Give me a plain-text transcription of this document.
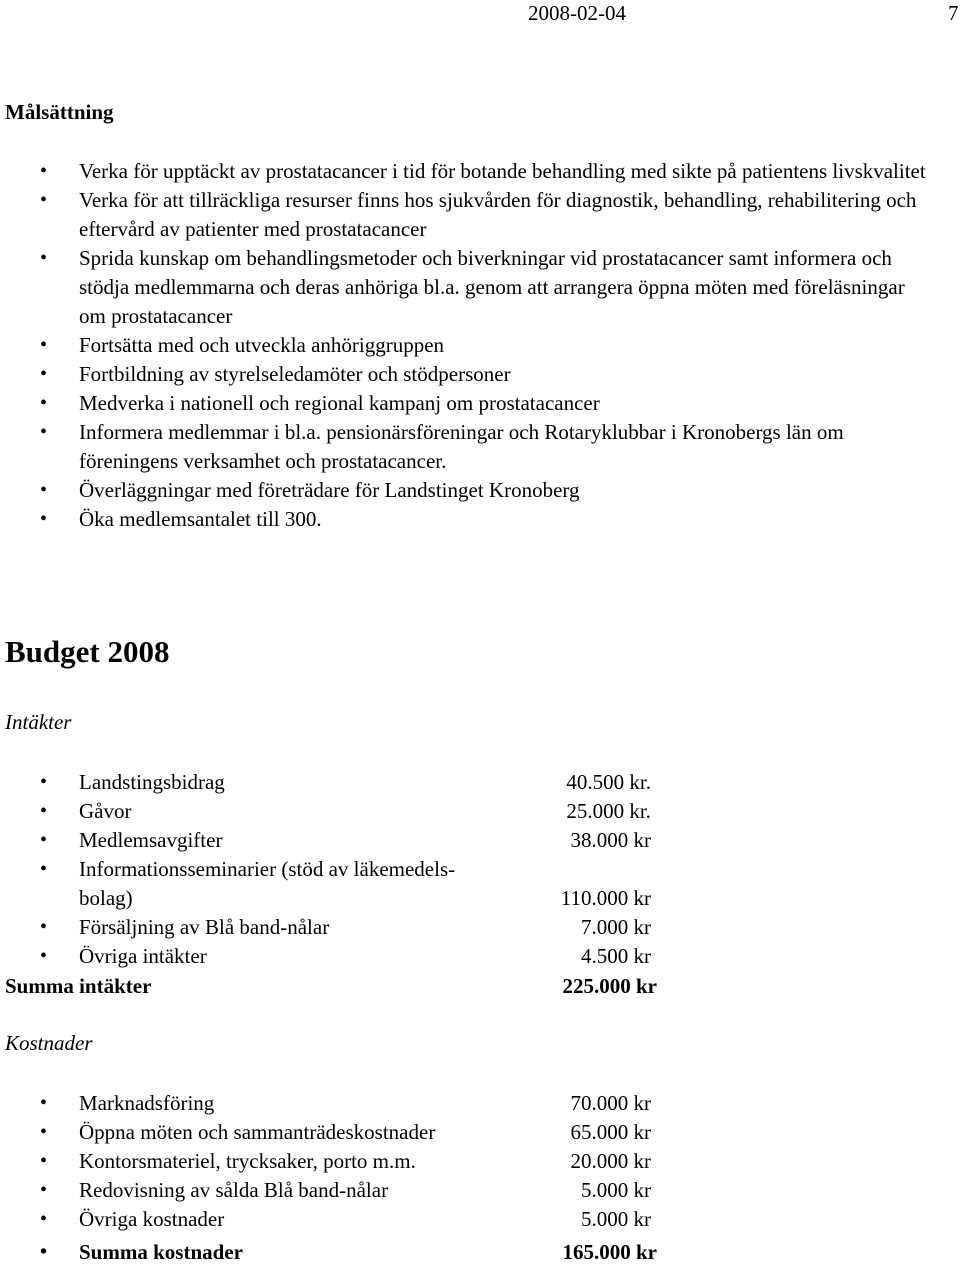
2008-02-04	7
Målsättning
• Verka för upptäckt av prostatacancer i tid för botande behandling med sikte på patientens livskvalitet
• Verka för att tillräckliga resurser finns hos sjukvården för diagnostik, behandling, rehabilitering och eftervård av patienter med prostatacancer
• Sprida kunskap om behandlingsmetoder och biverkningar vid prostatacancer samt informera och stödja medlemmarna och deras anhöriga bl.a. genom att arrangera öppna möten med föreläsningar om prostatacancer
• Fortsätta med och utveckla anhöriggruppen
• Fortbildning av styrelseledamöter och stödpersoner
• Medverka i nationell och regional kampanj om prostatacancer
• Informera medlemmar i bl.a. pensionärsföreningar och Rotaryklubbar i Kronobergs län om föreningens verksamhet och prostatacancer.
• Överläggningar med företrädare för Landstinget Kronoberg
• Öka medlemsantalet till 300.
Budget 2008
Intäkter
• Landstingsbidrag	40.500 kr.
• Gåvor	25.000 kr.
• Medlemsavgifter	38.000 kr
• Informationsseminarier (stöd av läkemedels-
bolag)	110.000 kr
• Försäljning av Blå band-nålar	7.000 kr
• Övriga intäkter	4.500 kr
Summa intäkter	225.000 kr
Kostnader
• Marknadsföring	70.000 kr
• Öppna möten och sammanträdeskostnader	65.000 kr
• Kontorsmateriel, trycksaker, porto m.m.	20.000 kr
• Redovisning av sålda Blå band-nålar	5.000 kr
• Övriga kostnader	5.000 kr
• Summa kostnader	165.000 kr
